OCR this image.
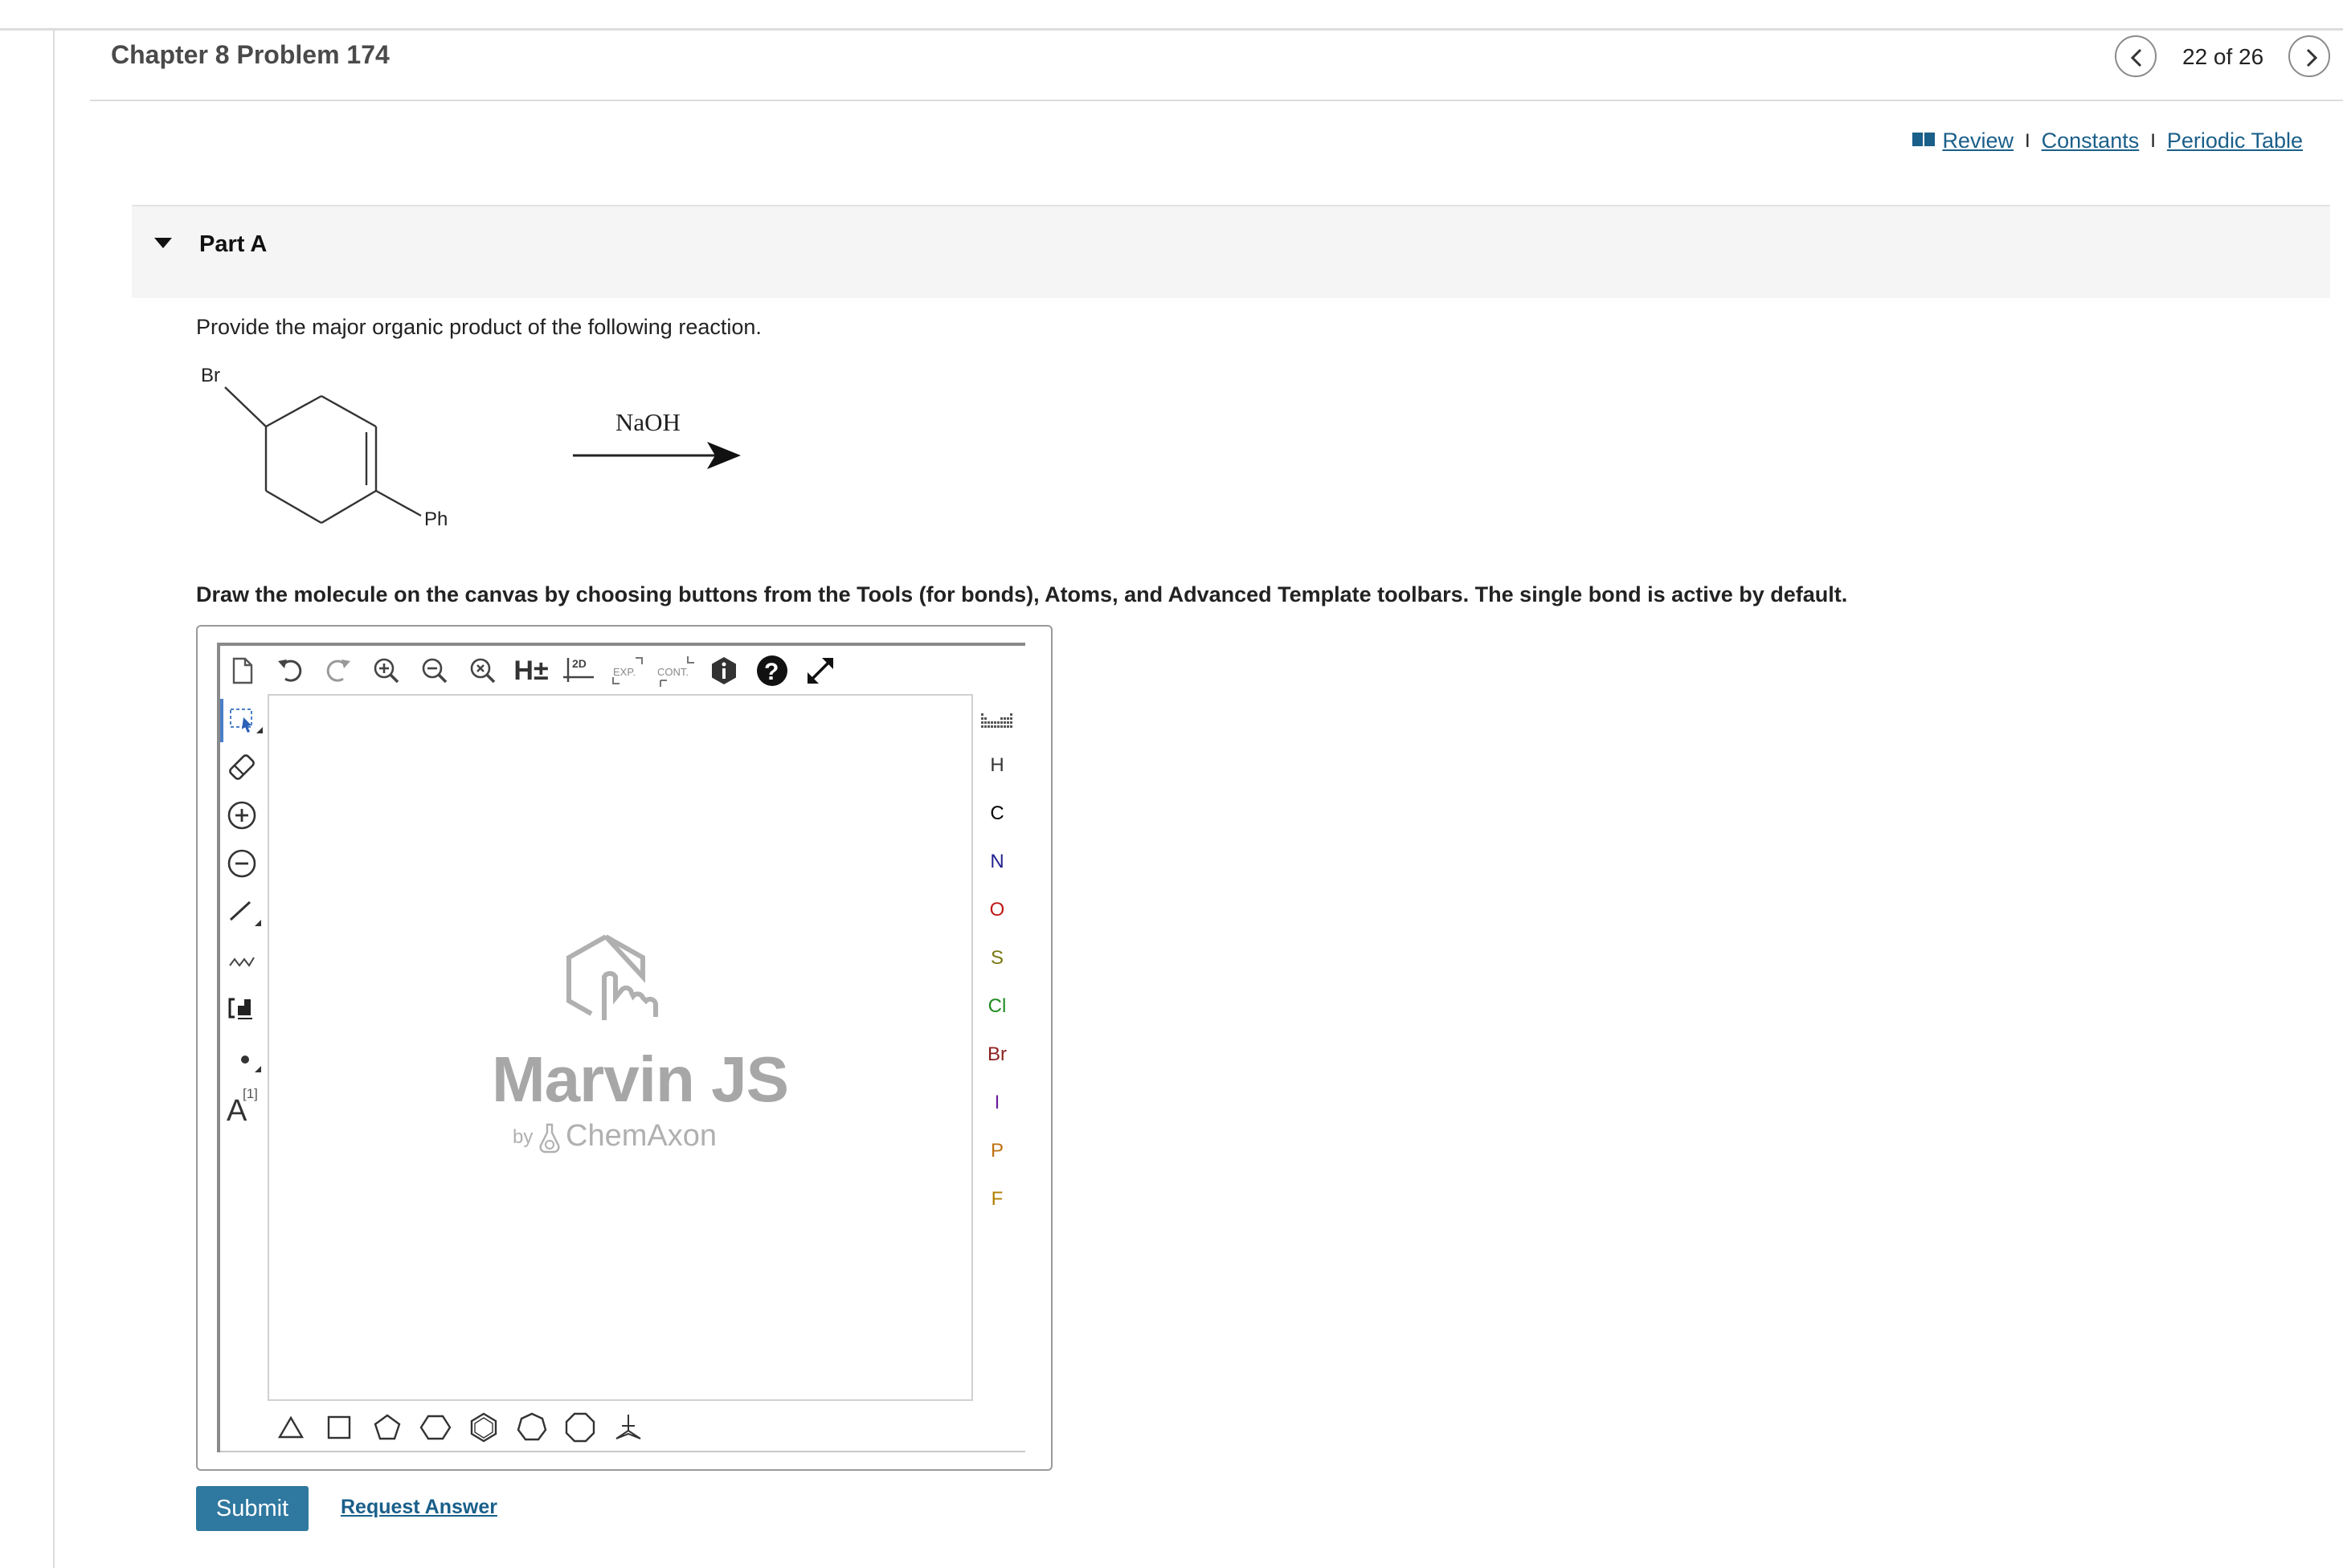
Chapter 8 Problem 174	22 of 26
Review I Constants I Periodic Table
Part A
Provide the major organic product of the following reaction.
Br
Ph
NaOH
Draw the molecule on the canvas by choosing buttons from the Tools (for bonds), Atoms, and Advanced Template toolbars. The single bond is active by default.
H± 2D
EXP. CONT.	?
A
[1]	Marvin JS
by ChemAxon
H
C
N
O
S
Cl
Br
I
P
F
Submit	Request Answer
